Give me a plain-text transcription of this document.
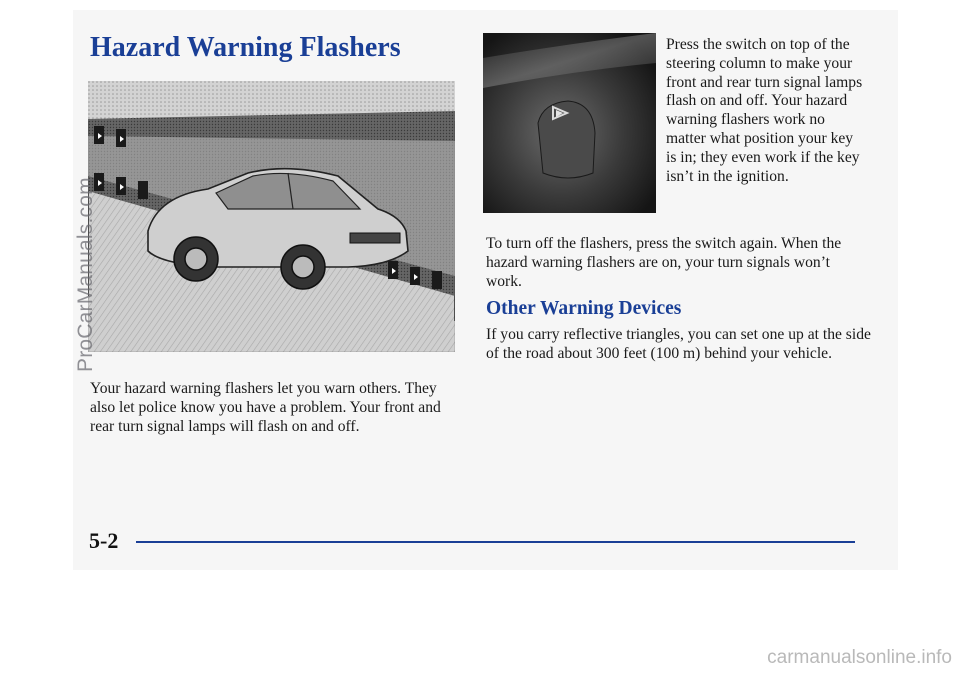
Hazard Warning Flashers	Press the switch on top of the steering column to make your front and rear turn signal lamps flash on and off. Your hazard warning flashers work no matter what position your key is in; they even work if the key isn’t in the ignition.

To turn off the flashers, press the switch again. When the hazard warning flashers are on, your turn signals won’t work.

Other Warning Devices

If you carry reflective triangles, you can set one up at the side of the road about 300 feet (100 m) behind your vehicle.

Your hazard warning flashers let you warn others. They also let police know you have a problem. Your front and rear turn signal lamps will flash on and off.

5-2
ProCarManuals.com
carmanualsonline.info
